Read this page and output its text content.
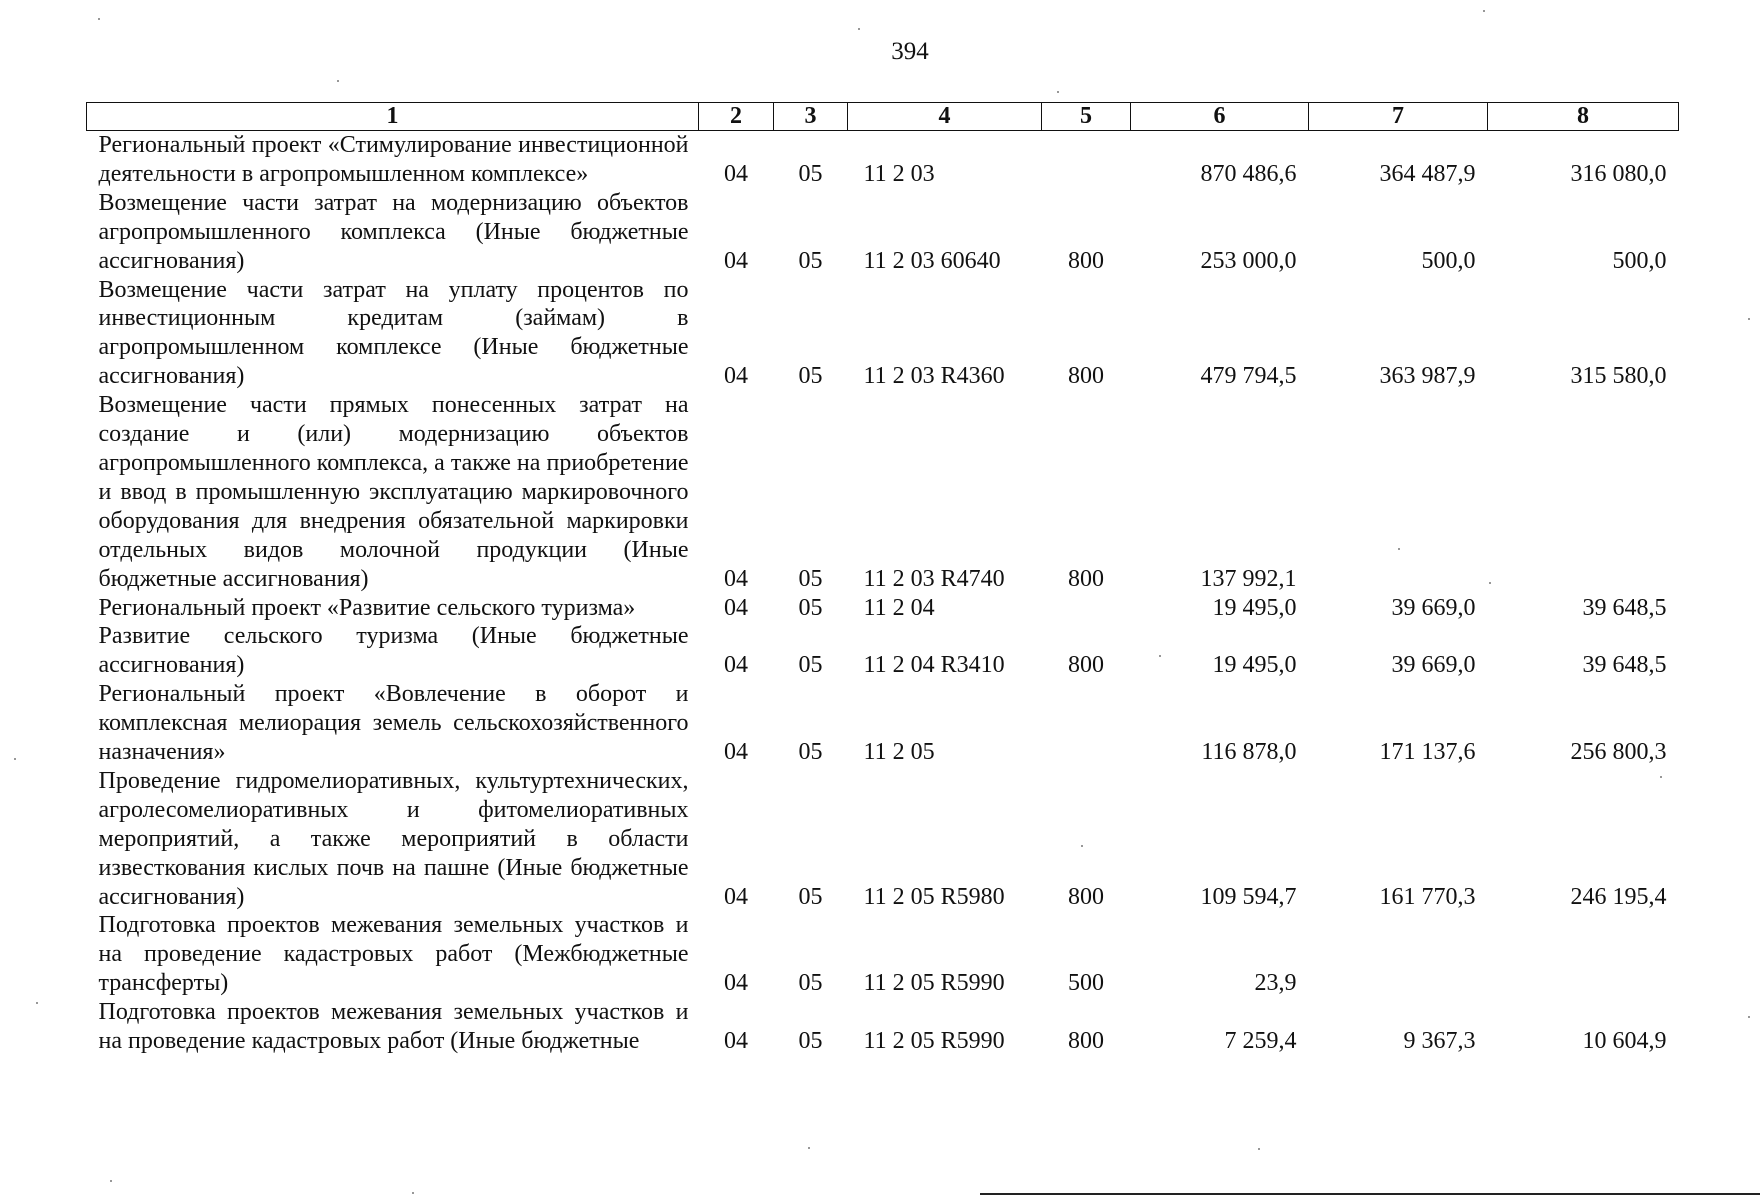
394
1	2	3	4	5	6	7	8
Региональный проект «Стимулирование инвестиционной деятельности в агропромышленном комплексе»	04	05	11 2 03		870 486,6	364 487,9	316 080,0
Возмещение части затрат на модернизацию объектов агропромышленного комплекса (Иные бюджетные ассигнования)	04	05	11 2 03 60640	800	253 000,0	500,0	500,0
Возмещение части затрат на уплату процентов по инвестиционным кредитам (займам) в агропромышленном комплексе (Иные бюджетные ассигнования)	04	05	11 2 03 R4360	800	479 794,5	363 987,9	315 580,0
Возмещение части прямых понесенных затрат на создание и (или) модернизацию объектов агропромышленного комплекса, а также на приобретение и ввод в промышленную эксплуатацию маркировочного оборудования для внедрения обязательной маркировки отдельных видов молочной продукции (Иные бюджетные ассигнования)	04	05	11 2 03 R4740	800	137 992,1		
Региональный проект «Развитие сельского туризма»	04	05	11 2 04		19 495,0	39 669,0	39 648,5
Развитие сельского туризма (Иные бюджетные ассигнования)	04	05	11 2 04 R3410	800	19 495,0	39 669,0	39 648,5
Региональный проект «Вовлечение в оборот и комплексная мелиорация земель сельскохозяйственного назначения»	04	05	11 2 05		116 878,0	171 137,6	256 800,3
Проведение гидромелиоративных, культуртехнических, агролесомелиоративных и фитомелиоративных мероприятий, а также мероприятий в области известкования кислых почв на пашне (Иные бюджетные ассигнования)	04	05	11 2 05 R5980	800	109 594,7	161 770,3	246 195,4
Подготовка проектов межевания земельных участков и на проведение кадастровых работ (Межбюджетные трансферты)	04	05	11 2 05 R5990	500	23,9		
Подготовка проектов межевания земельных участков и на проведение кадастровых работ (Иные бюджетные	04	05	11 2 05 R5990	800	7 259,4	9 367,3	10 604,9
